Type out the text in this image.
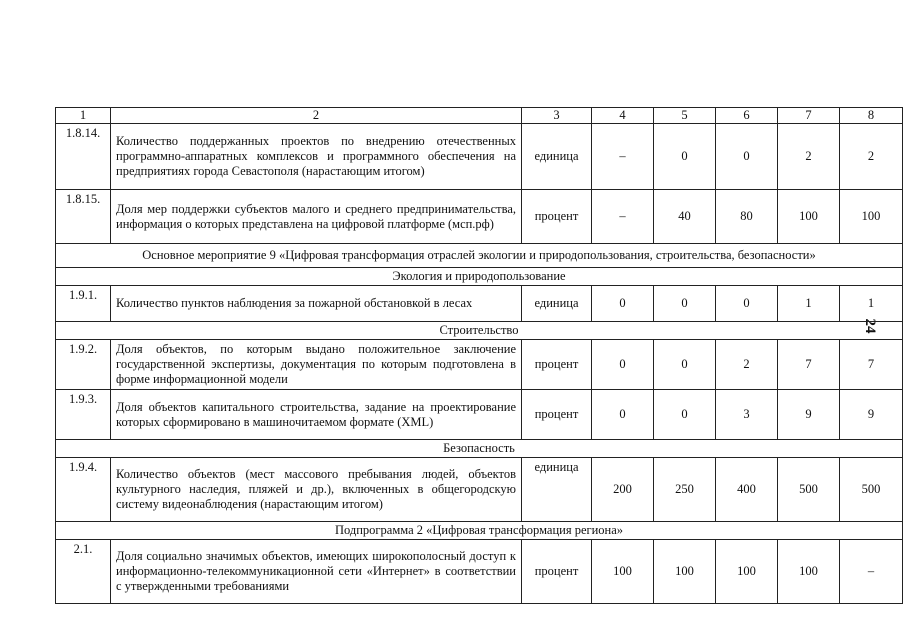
24
1	2	3	4	5	6	7	8
1.8.14.	Количество поддержанных проектов по внедрению отечественных программно-аппаратных комплексов и программного обеспечения на предприятиях города Севастополя (нарастающим итогом)	единица	–	0	0	2	2
1.8.15.	Доля мер поддержки субъектов малого и среднего предпринимательства, информация о которых представлена на цифровой платформе (мсп.рф)	процент	–	40	80	100	100
Основное мероприятие 9 «Цифровая трансформация отраслей экологии и природопользования, строительства, безопасности»							
Экология и природопользование							
1.9.1.	Количество пунктов наблюдения за пожарной обстановкой в лесах	единица	0	0	0	1	1
Строительство							
1.9.2.	Доля объектов, по которым выдано положительное заключение государственной экспертизы, документация по которым подготовлена в форме информационной модели	процент	0	0	2	7	7
1.9.3.	Доля объектов капитального строительства, задание на проектирование которых сформировано в машиночитаемом формате (XML)	процент	0	0	3	9	9
Безопасность							
1.9.4.	Количество объектов (мест массового пребывания людей, объектов культурного наследия, пляжей и др.), включенных в общегородскую систему видеонаблюдения (нарастающим итогом)	единица	200	250	400	500	500
Подпрограмма 2 «Цифровая трансформация региона»							
2.1.	Доля социально значимых объектов, имеющих широкополосный доступ к информационно-телекоммуникационной сети «Интернет» в соответствии с утвержденными требованиями	процент	100	100	100	100	–
